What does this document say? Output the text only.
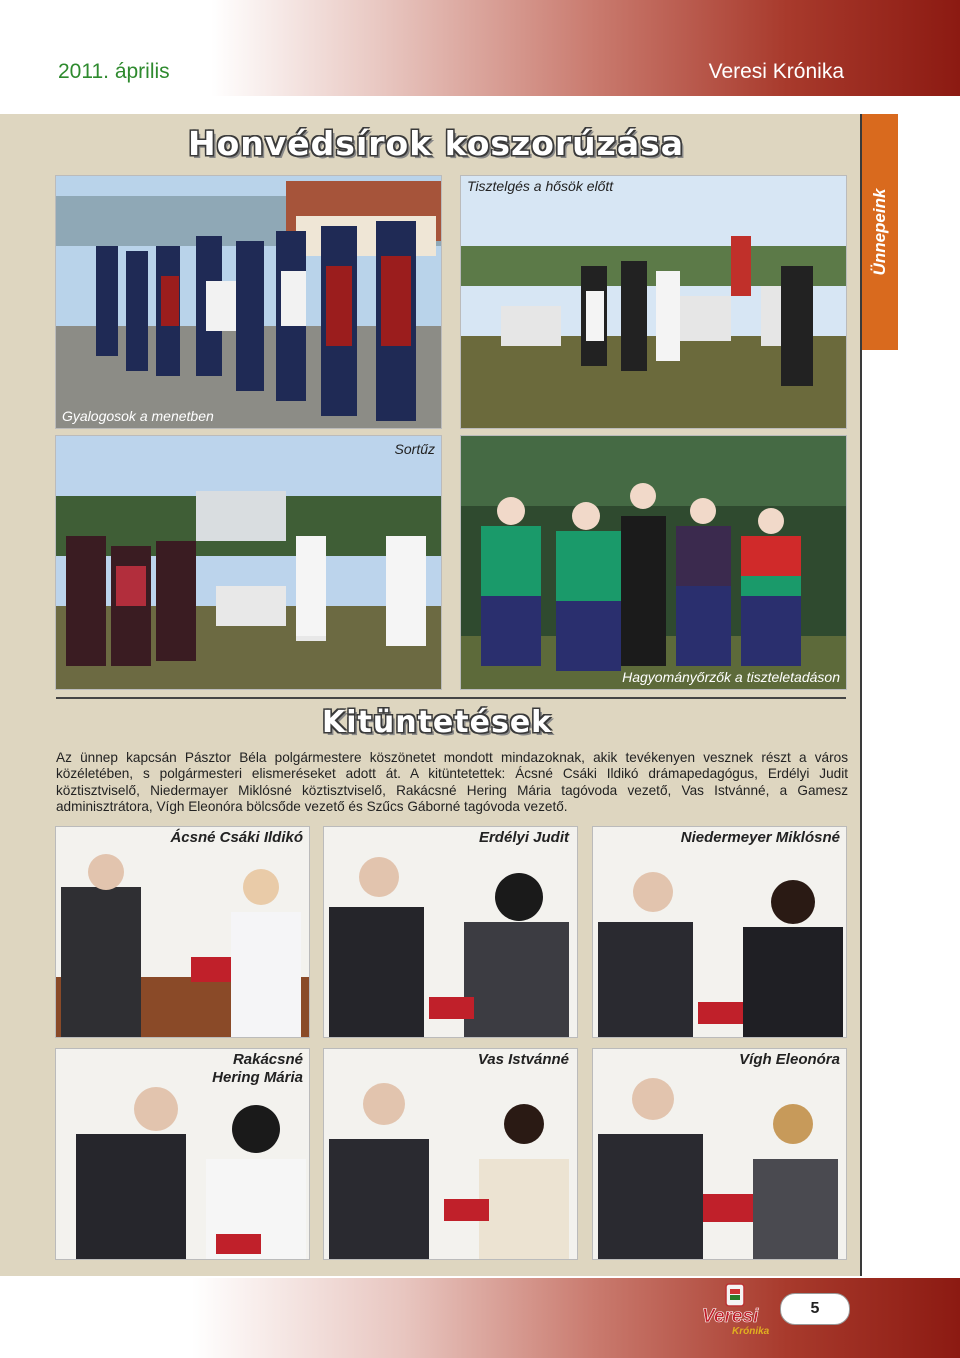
2011. április	Veresi Krónika
Ünnepeink
Honvédsírok koszorúzása
Gyalogosok a menetben
Tisztelgés a hősök előtt
Sortűz
Hagyományőrzők a tiszteletadáson
Kitüntetések
Az ünnep kapcsán Pásztor Béla polgármestere köszönetet mondott mindazoknak, akik tevékenyen vesznek részt a város közéletében, s polgármesteri elismeréseket adott át. A kitüntetettek: Ácsné Csáki Ildikó drámapedagógus, Erdélyi Judit köztisztviselő, Niedermayer Miklósné köztisztviselő, Rakácsné Hering Mária tagóvoda vezető, Vas Istvánné, a Gamesz adminisztrátora, Vígh Eleonóra bölcsőde vezető és Szűcs Gáborné tagóvoda vezető.
Ácsné Csáki Ildikó	Erdélyi Judit	Niedermeyer Miklósné
Rakácsné
Hering Mária
Vas Istvánné	Vígh Eleonóra
Veresi
Krónika
5
